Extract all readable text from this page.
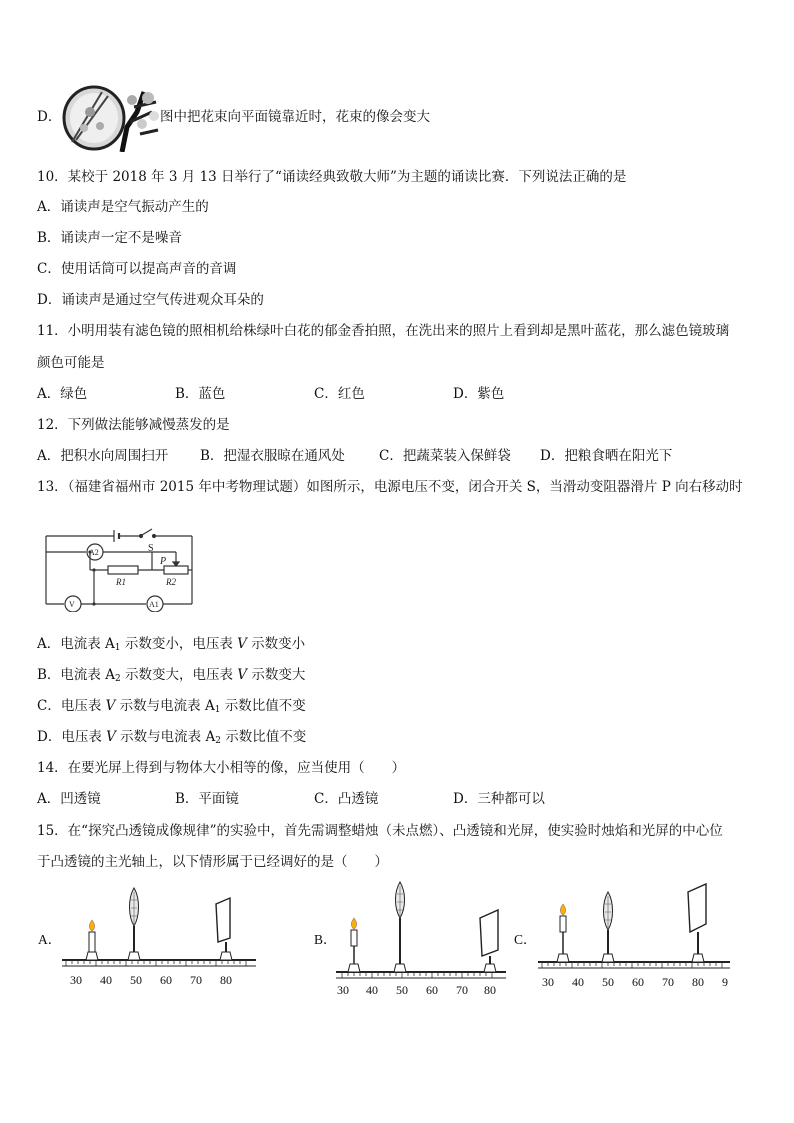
D．	图中把花束向平面镜靠近时，花束的像会变大
10．某校于 2018 年 3 月 13 日举行了“诵读经典致敬大师”为主题的诵读比赛．下列说法正确的是
A．诵读声是空气振动产生的
B．诵读声一定不是噪音
C．使用话筒可以提高声音的音调
D．诵读声是通过空气传进观众耳朵的
11．小明用装有滤色镜的照相机给株绿叶白花的郁金香拍照，在洗出来的照片上看到却是黑叶蓝花，那么滤色镜玻璃
颜色可能是
A．绿色	B．蓝色	C．红色	D．紫色
12．下列做法能够减慢蒸发的是
A．把积水向周围扫开 B．把湿衣服晾在通风处	C．把蔬菜装入保鲜袋 D．把粮食晒在阳光下
13．（福建省福州市 2015 年中考物理试题）如图所示，电源电压不变，闭合开关 S，当滑动变阻器滑片 P 向右移动时
S
P
R1	R2
A2
V	A1
A．电流表 $A_1$ 示数变小，电压表 V 示数变小
B．电流表 $A_2$ 示数变大，电压表 V 示数变大
C．电压表 V 示数与电流表 $A_1$ 示数比值不变
D．电压表 V 示数与电流表 $A_2$ 示数比值不变
14．在要光屏上得到与物体大小相等的像，应当使用（　　）
A．凹透镜	B．平面镜	C．凸透镜	D．三种都可以
15．在“探究凸透镜成像规律”的实验中，首先需调整蜡烛（未点燃）、凸透镜和光屏，使实验时烛焰和光屏的中心位
于凸透镜的主光轴上，以下情形属于已经调好的是（　　）
A．
30 40 50 60 70 80
B．
30 40 50 60 70 80
C．
30 40 50 60 70 80 9
